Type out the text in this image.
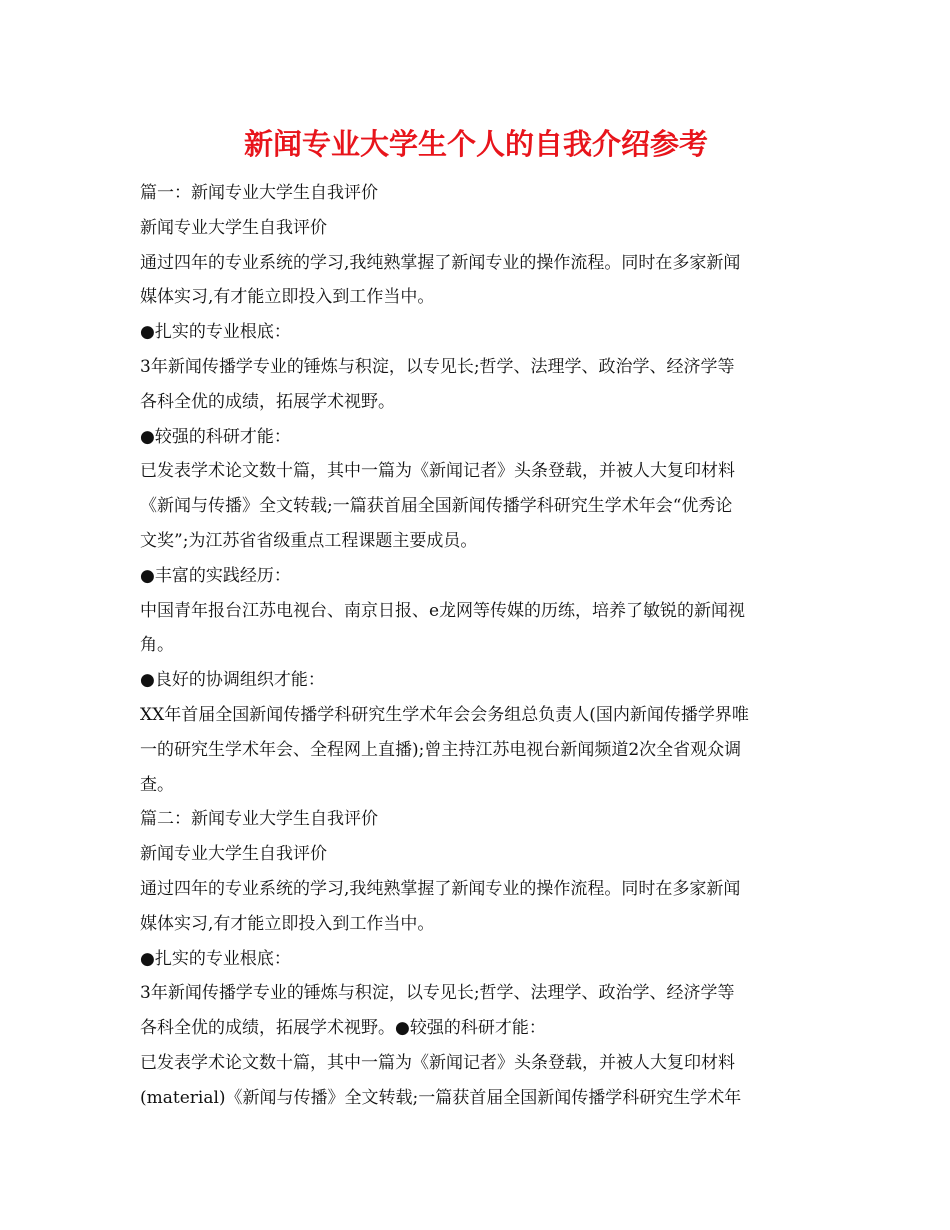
新闻专业大学生个人的自我介绍参考

篇一：新闻专业大学生自我评价

新闻专业大学生自我评价

通过四年的专业系统的学习,我纯熟掌握了新闻专业的操作流程。同时在多家新闻

媒体实习,有才能立即投入到工作当中。

●扎实的专业根底：

3年新闻传播学专业的锤炼与积淀，以专见长;哲学、法理学、政治学、经济学等

各科全优的成绩，拓展学术视野。

●较强的科研才能：

已发表学术论文数十篇，其中一篇为《新闻记者》头条登载，并被人大复印材料

《新闻与传播》全文转载;一篇获首届全国新闻传播学科研究生学术年会“优秀论

文奖”;为江苏省省级重点工程课题主要成员。

●丰富的实践经历：

中国青年报台江苏电视台、南京日报、e龙网等传媒的历练，培养了敏锐的新闻视

角。

●良好的协调组织才能：

XX年首届全国新闻传播学科研究生学术年会会务组总负责人(国内新闻传播学界唯

一的研究生学术年会、全程网上直播);曾主持江苏电视台新闻频道2次全省观众调

查。

篇二：新闻专业大学生自我评价

新闻专业大学生自我评价

通过四年的专业系统的学习,我纯熟掌握了新闻专业的操作流程。同时在多家新闻

媒体实习,有才能立即投入到工作当中。

●扎实的专业根底：

3年新闻传播学专业的锤炼与积淀，以专见长;哲学、法理学、政治学、经济学等

各科全优的成绩，拓展学术视野。●较强的科研才能：

已发表学术论文数十篇，其中一篇为《新闻记者》头条登载，并被人大复印材料

(material)《新闻与传播》全文转载;一篇获首届全国新闻传播学科研究生学术年
